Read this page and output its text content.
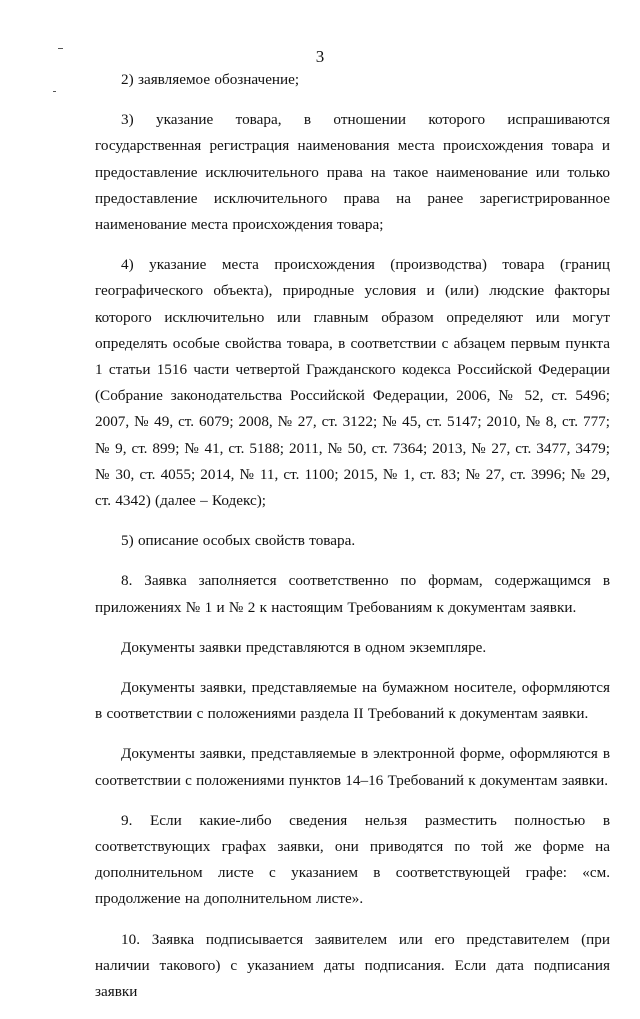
3

2) заявляемое обозначение;

3) указание товара, в отношении которого испрашиваются государственная регистрация наименования места происхождения товара и предоставление исключительного права на такое наименование или только предоставление исключительного права на ранее зарегистрированное наименование места происхождения товара;

4) указание места происхождения (производства) товара (границ географического объекта), природные условия и (или) людские факторы которого исключительно или главным образом определяют или могут определять особые свойства товара, в соответствии с абзацем первым пункта 1 статьи 1516 части четвертой Гражданского кодекса Российской Федерации (Собрание законодательства Российской Федерации, 2006, № 52, ст. 5496; 2007, № 49, ст. 6079; 2008, № 27, ст. 3122; № 45, ст. 5147; 2010, № 8, ст. 777; № 9, ст. 899; № 41, ст. 5188; 2011, № 50, ст. 7364; 2013, № 27, ст. 3477, 3479; № 30, ст. 4055; 2014, № 11, ст. 1100; 2015, № 1, ст. 83; № 27, ст. 3996; № 29, ст. 4342) (далее – Кодекс);

5) описание особых свойств товара.

8. Заявка заполняется соответственно по формам, содержащимся в приложениях № 1 и № 2 к настоящим Требованиям к документам заявки.

Документы заявки представляются в одном экземпляре.

Документы заявки, представляемые на бумажном носителе, оформляются в соответствии с положениями раздела II Требований к документам заявки.

Документы заявки, представляемые в электронной форме, оформляются в соответствии с положениями пунктов 14–16 Требований к документам заявки.

9. Если какие-либо сведения нельзя разместить полностью в соответствующих графах заявки, они приводятся по той же форме на дополнительном листе с указанием в соответствующей графе: «см. продолжение на дополнительном листе».

10. Заявка подписывается заявителем или его представителем (при наличии такового) с указанием даты подписания. Если дата подписания заявки
